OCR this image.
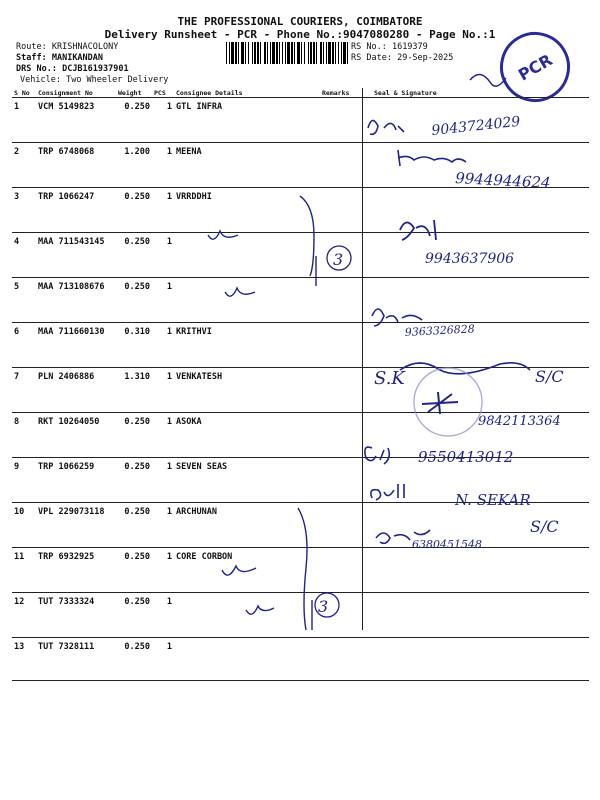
THE PROFESSIONAL COURIERS, COIMBATORE
Delivery Runsheet - PCR - Phone No.:9047080280 - Page No.:1
Route: KRISHNACOLONY
Staff: MANIKANDAN
DRS No.: DCJB161937901
Vehicle: Two Wheeler Delivery
RS No.: 1619379
RS Date: 29-Sep-2025	PCR
S No	Consignment No	Weight	PCS	Consignee Details	Remarks	Seal & Signature
1	VCM 5149823	0.250	1	GTL INFRA		
2	TRP 6748068	1.200	1	MEENA		
3	TRP 1066247	0.250	1	VRRDDHI		
4	MAA 711543145	0.250	1			
5	MAA 713108676	0.250	1			
6	MAA 711660130	0.310	1	KRITHVI		
7	PLN 2406886	1.310	1	VENKATESH		
8	RKT 10264050	0.250	1	ASOKA		
9	TRP 1066259	0.250	1	SEVEN SEAS		
10	VPL 229073118	0.250	1	ARCHUNAN		
11	TRP 6932925	0.250	1	CORE CORBON		
12	TUT 7333324	0.250	1			
13	TUT 7328111	0.250	1			
9043724029
9944944624
3	9943637906
9363326828
S.K	S/C
9842113364
9550413012
N. SEKAR
6380451548
S/C
3
